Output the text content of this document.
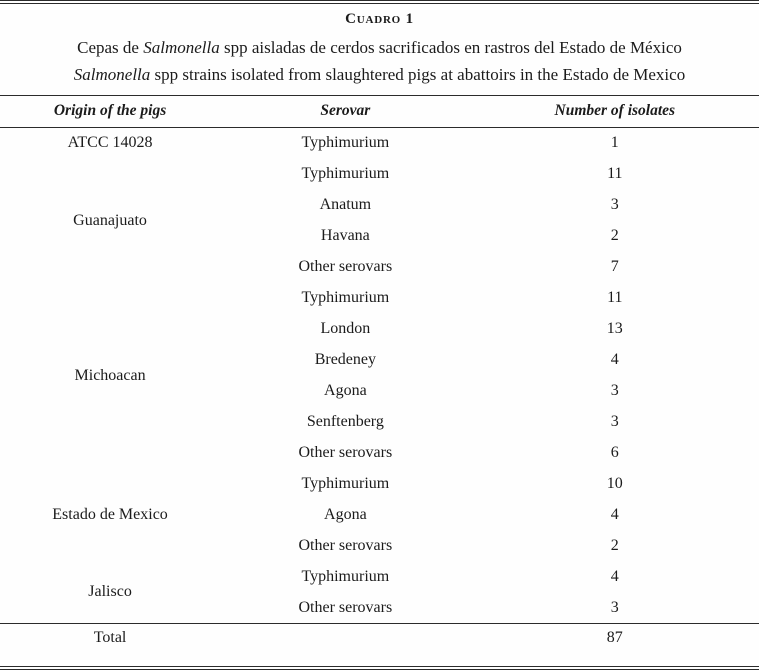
Cuadro 1
Cepas de Salmonella spp aisladas de cerdos sacrificados en rastros del Estado de México
Salmonella spp strains isolated from slaughtered pigs at abattoirs in the Estado de Mexico
Origin of the pigs	Serovar	Number of isolates
ATCC 14028	Typhimurium	1
Guanajuato	Typhimurium	11
	Anatum	3
	Havana	2
	Other serovars	7
Michoacan	Typhimurium	11
	London	13
	Bredeney	4
	Agona	3
	Senftenberg	3
	Other serovars	6
Estado de Mexico	Typhimurium	10
	Agona	4
	Other serovars	2
Jalisco	Typhimurium	4
	Other serovars	3
Total		87
